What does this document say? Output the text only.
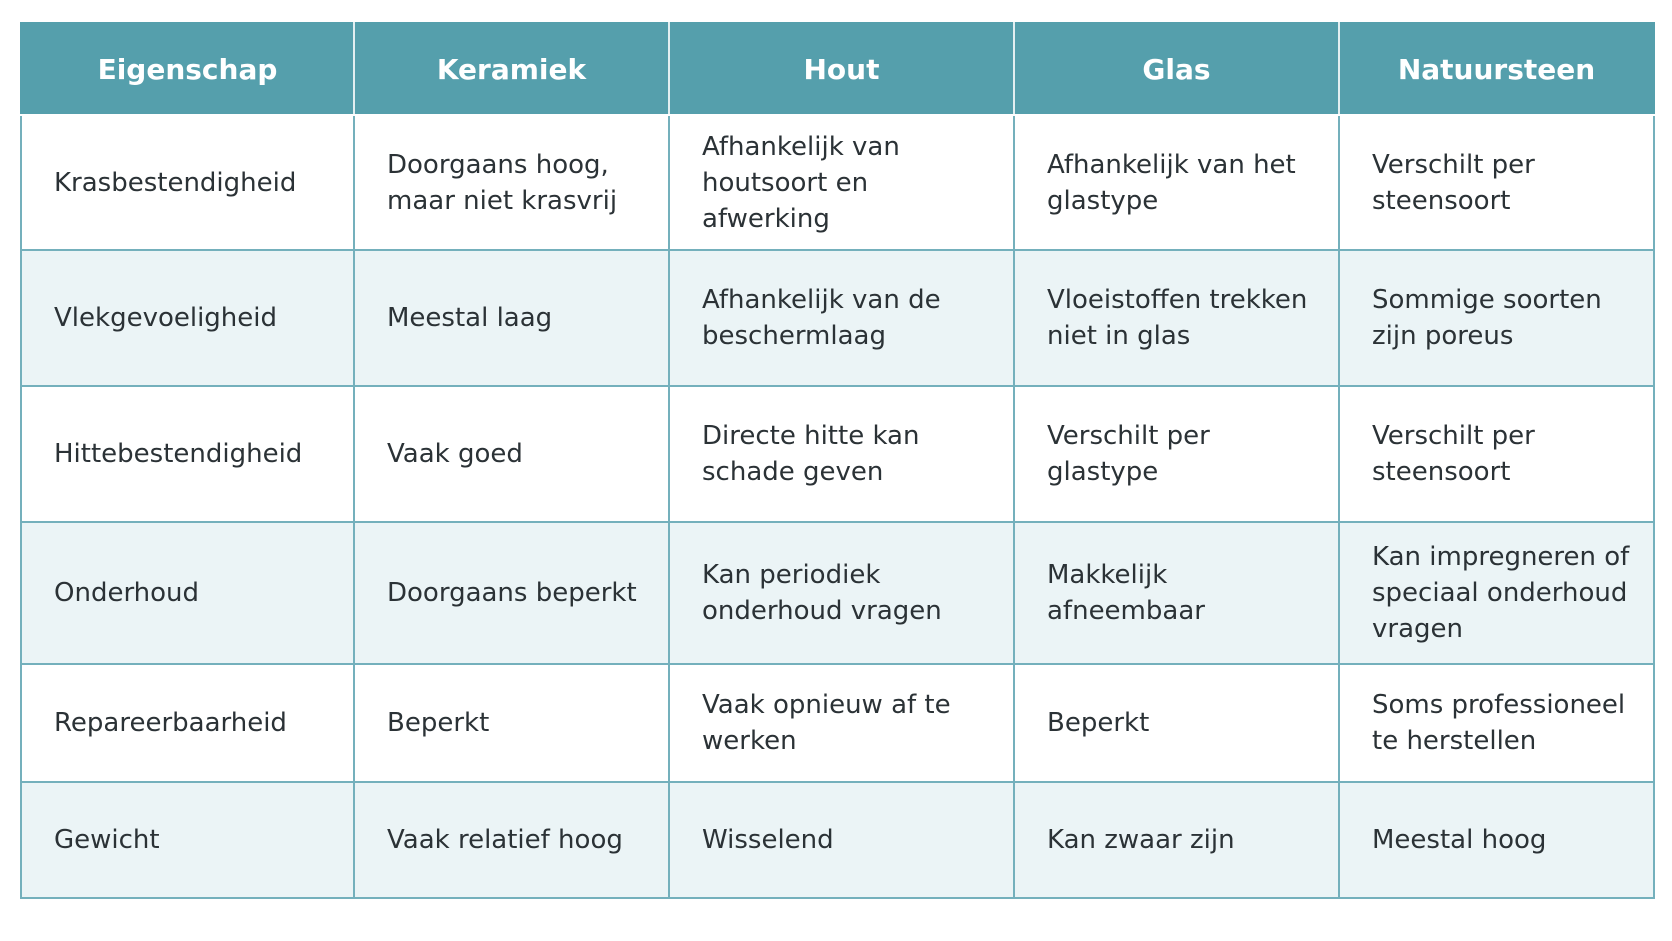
Eigenschap	Keramiek	Hout	Glas	Natuursteen
Krasbestendigheid	Doorgaans hoog, maar niet krasvrij	Afhankelijk van houtsoort en afwerking	Afhankelijk van het glastype	Verschilt per steensoort
Vlekgevoeligheid	Meestal laag	Afhankelijk van de beschermlaag	Vloeistoffen trekken niet in glas	Sommige soorten zijn poreus
Hittebestendigheid	Vaak goed	Directe hitte kan schade geven	Verschilt per glastype	Verschilt per steensoort
Onderhoud	Doorgaans beperkt	Kan periodiek onderhoud vragen	Makkelijk afneembaar	Kan impregneren of speciaal onderhoud vragen
Repareerbaarheid	Beperkt	Vaak opnieuw af te werken	Beperkt	Soms professioneel te herstellen
Gewicht	Vaak relatief hoog	Wisselend	Kan zwaar zijn	Meestal hoog
